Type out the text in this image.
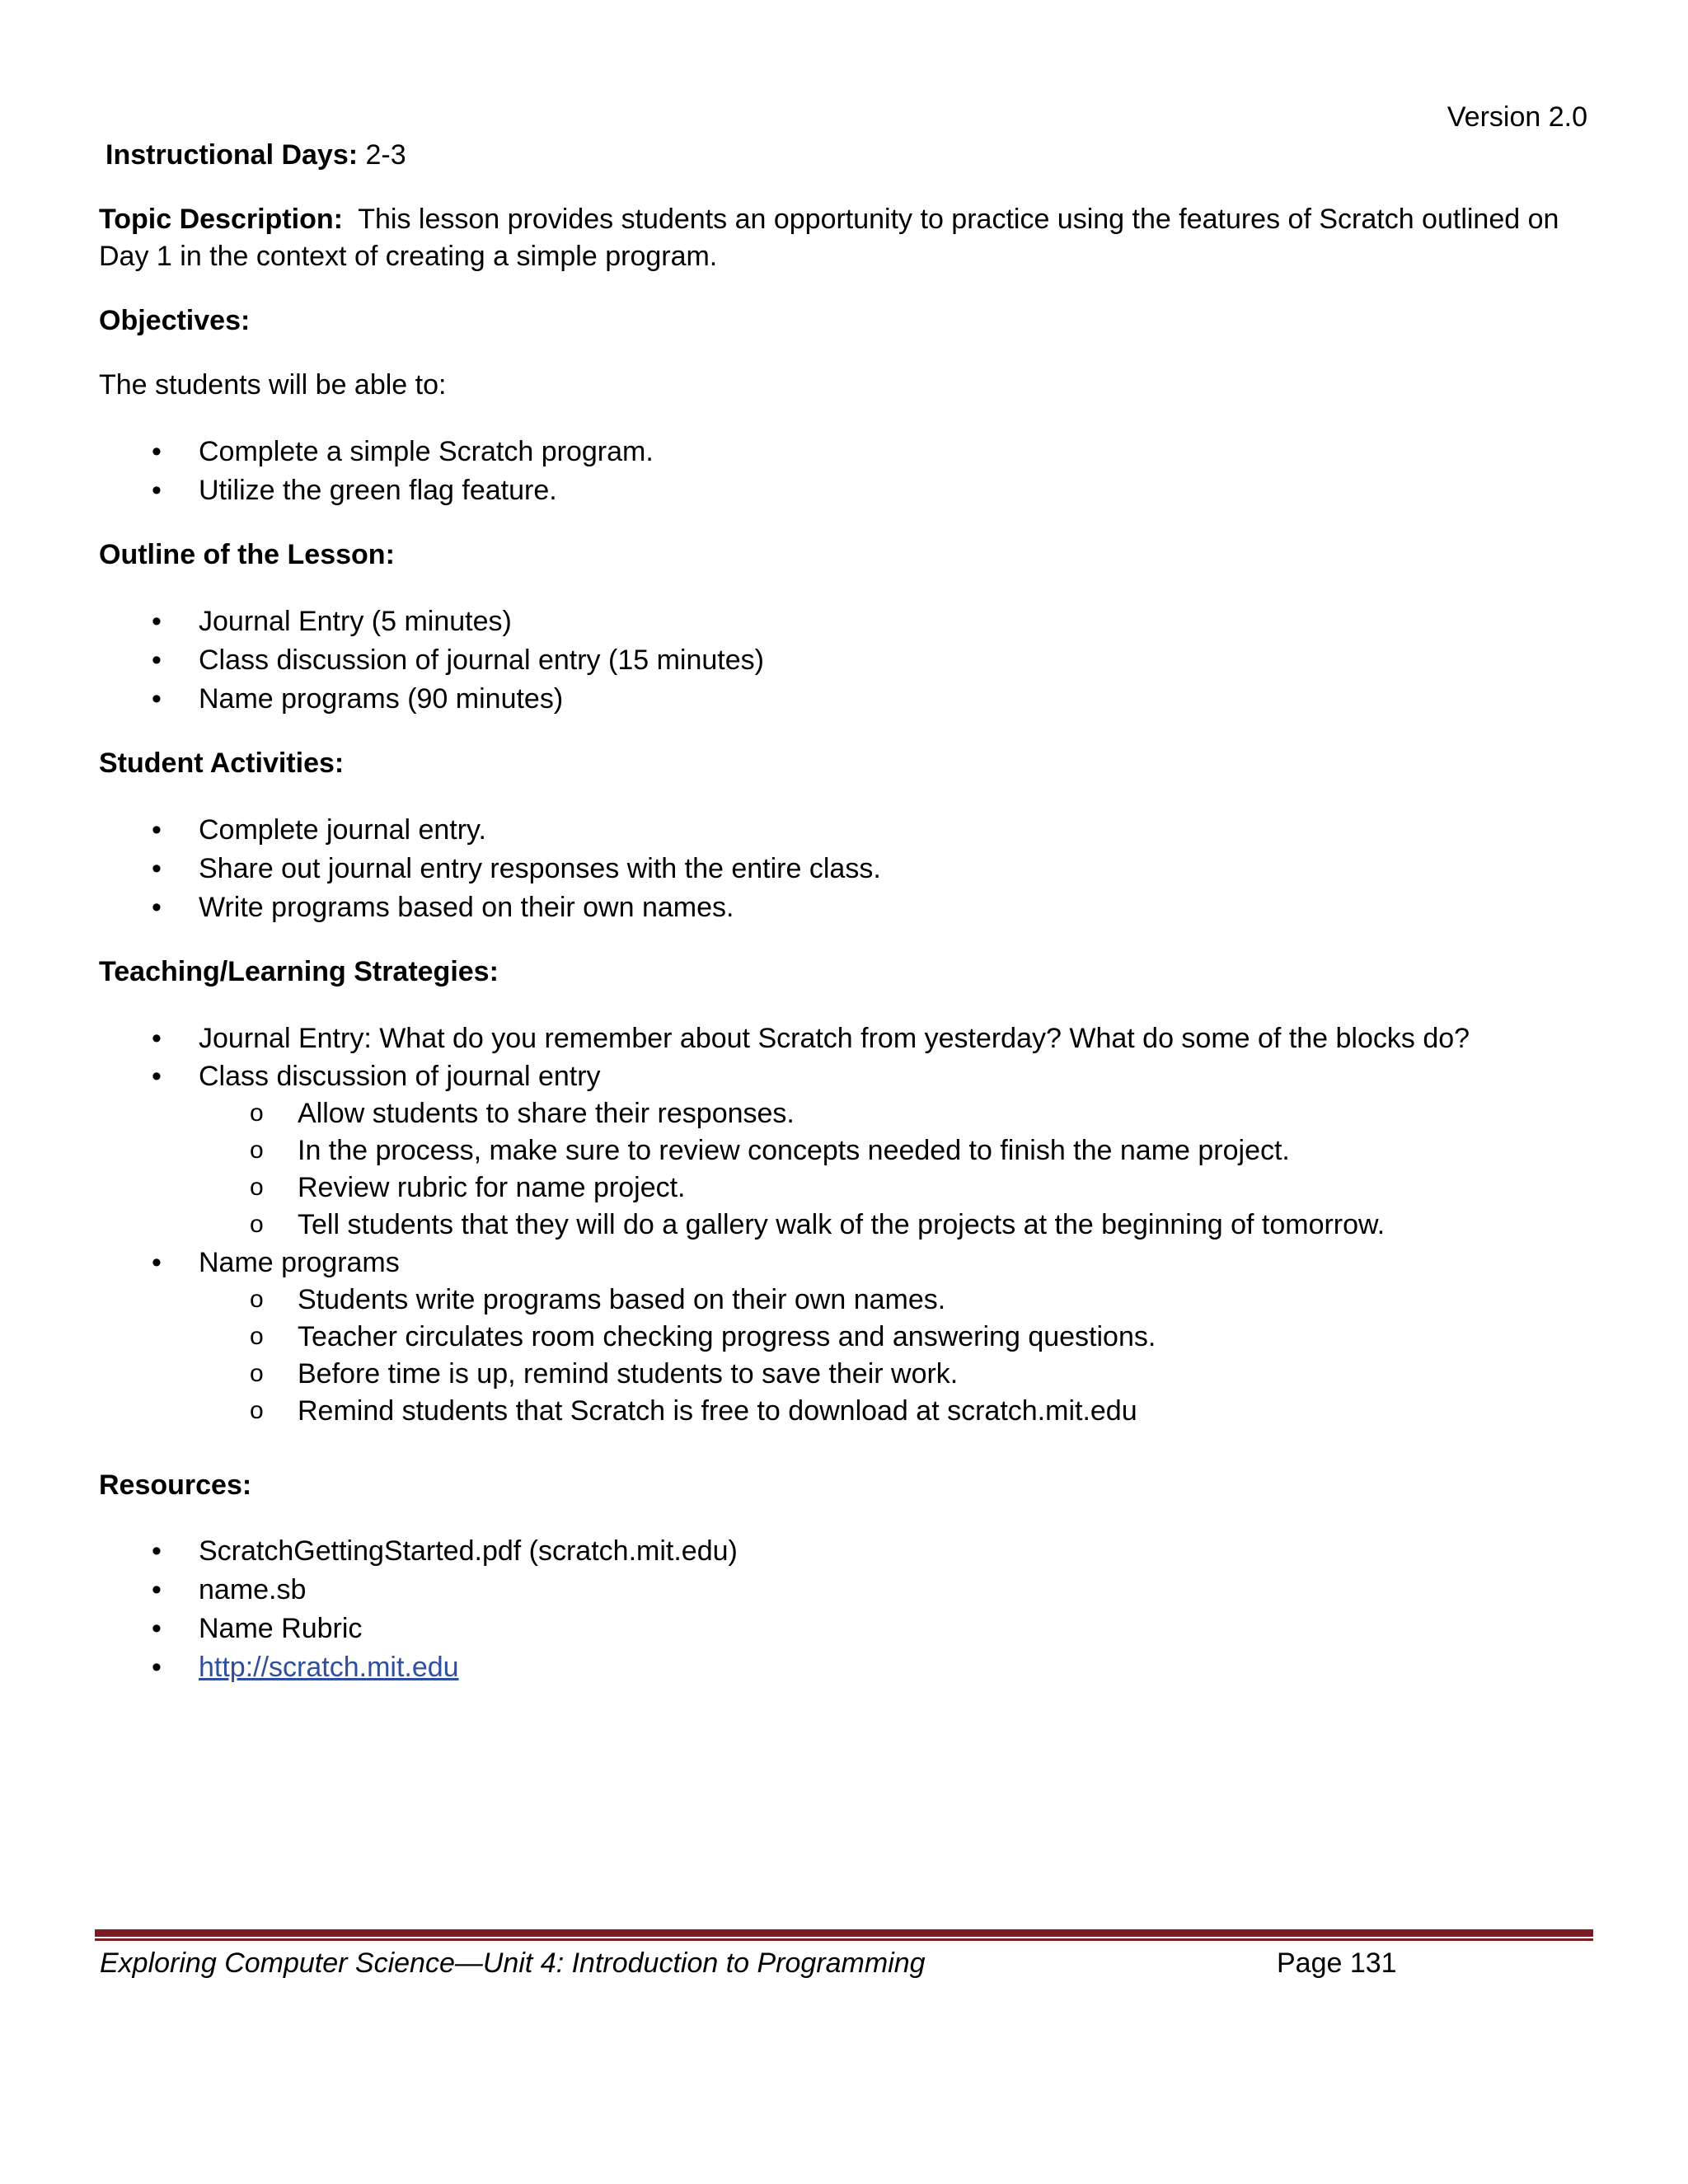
Version 2.0
Instructional Days: 2-3
Topic Description:  This lesson provides students an opportunity to practice using the features of Scratch outlined on
Day 1 in the context of creating a simple program.
Objectives:
The students will be able to:
• Complete a simple Scratch program.
• Utilize the green flag feature.
Outline of the Lesson:
• Journal Entry (5 minutes)
• Class discussion of journal entry (15 minutes)
• Name programs (90 minutes)
Student Activities:
• Complete journal entry.
• Share out journal entry responses with the entire class.
• Write programs based on their own names.
Teaching/Learning Strategies:
• Journal Entry: What do you remember about Scratch from yesterday? What do some of the blocks do?
• Class discussion of journal entry
o Allow students to share their responses.
o In the process, make sure to review concepts needed to finish the name project.
o Review rubric for name project.
o Tell students that they will do a gallery walk of the projects at the beginning of tomorrow.
• Name programs
o Students write programs based on their own names.
o Teacher circulates room checking progress and answering questions.
o Before time is up, remind students to save their work.
o Remind students that Scratch is free to download at scratch.mit.edu
Resources:
• ScratchGettingStarted.pdf (scratch.mit.edu)
• name.sb
• Name Rubric
• http://scratch.mit.edu
Exploring Computer Science—Unit 4: Introduction to Programming	Page 131
